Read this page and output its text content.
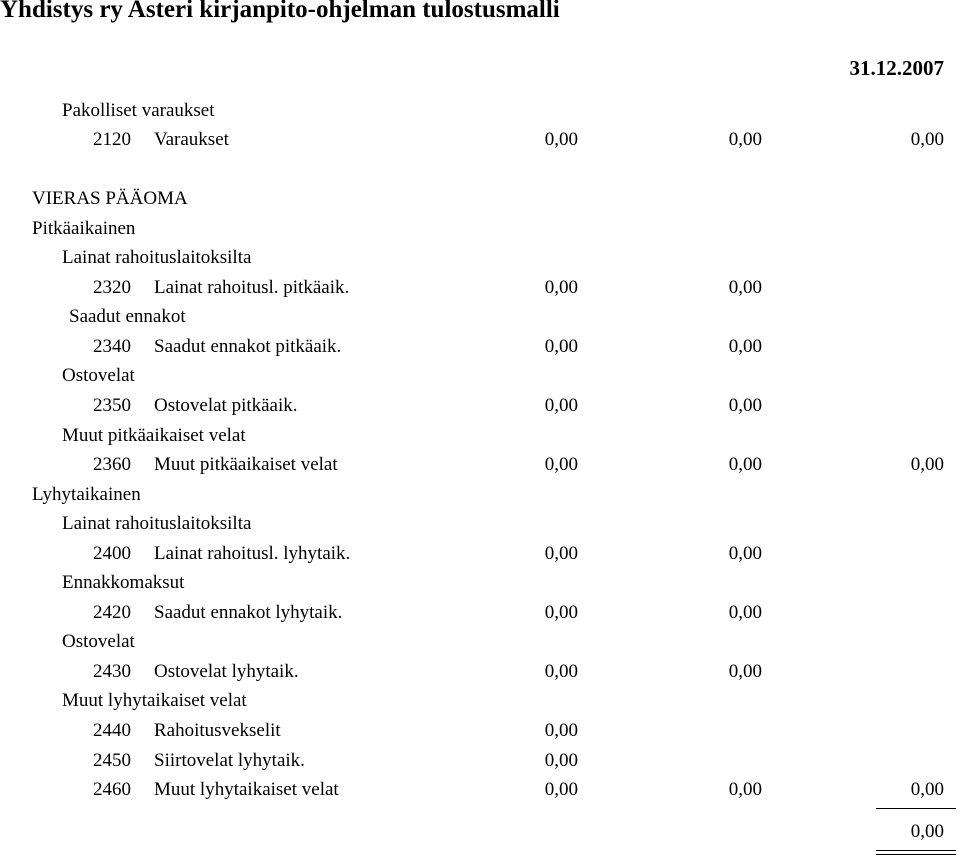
Yhdistys ry Asteri kirjanpito-ohjelman tulostusmalli
31.12.2007
Pakolliset varaukset
2120 Varaukset	0,00	0,00	0,00
VIERAS PÄÄOMA
Pitkäaikainen
Lainat rahoituslaitoksilta
2320 Lainat rahoitusl. pitkäaik.	0,00	0,00
Saadut ennakot
2340 Saadut ennakot pitkäaik.	0,00	0,00
Ostovelat
2350 Ostovelat pitkäaik.	0,00	0,00
Muut pitkäaikaiset velat
2360 Muut pitkäaikaiset velat	0,00	0,00	0,00
Lyhytaikainen
Lainat rahoituslaitoksilta
2400 Lainat rahoitusl. lyhytaik.	0,00	0,00
Ennakkomaksut
2420 Saadut ennakot lyhytaik.	0,00	0,00
Ostovelat
2430 Ostovelat lyhytaik.	0,00	0,00
Muut lyhytaikaiset velat
2440 Rahoitusvekselit	0,00
2450 Siirtovelat lyhytaik.	0,00
2460 Muut lyhytaikaiset velat	0,00	0,00	0,00
0,00
